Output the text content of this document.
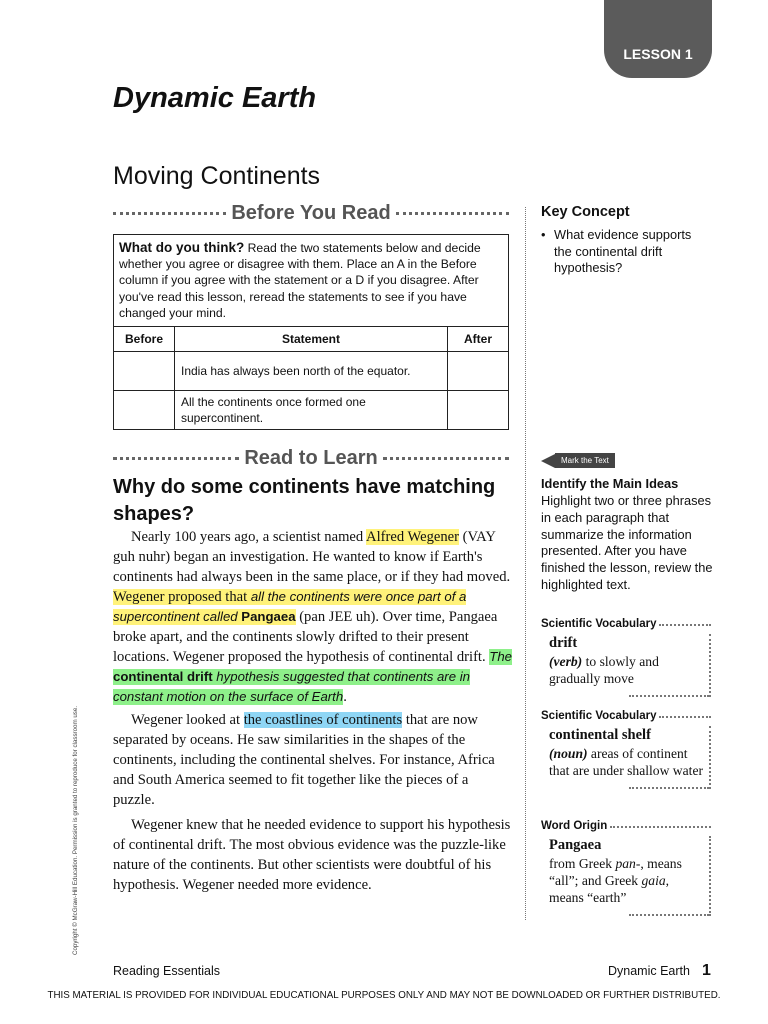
LESSON 1
Dynamic Earth
Moving Continents
Before You Read
What do you think? Read the two statements below and decide whether you agree or disagree with them. Place an A in the Before column if you agree with the statement or a D if you disagree. After you've read this lesson, reread the statements to see if you have changed your mind.
Before	Statement	After
	India has always been north of the equator.	
	All the continents once formed one supercontinent.	
Read to Learn
Why do some continents have matching shapes?

Nearly 100 years ago, a scientist named Alfred Wegener (VAY guh nuhr) began an investigation. He wanted to know if Earth's continents had always been in the same place, or if they had moved. Wegener proposed that all the continents were once part of a supercontinent called Pangaea (pan JEE uh). Over time, Pangaea broke apart, and the continents slowly drifted to their present locations. Wegener proposed the hypothesis of continental drift. The continental drift hypothesis suggested that continents are in constant motion on the surface of Earth.

Wegener looked at the coastlines of continents that are now separated by oceans. He saw similarities in the shapes of the continents, including the continental shelves. For instance, Africa and South America seemed to fit together like the pieces of a puzzle.

Wegener knew that he needed evidence to support his hypothesis of continental drift. The most obvious evidence was the puzzle-like nature of the continents. But other scientists were doubtful of his hypothesis. Wegener needed more evidence.

Key Concept
• What evidence supports the continental drift hypothesis?
Mark the Text
Identify the Main Ideas

Highlight two or three phrases in each paragraph that summarize the information presented. After you have finished the lesson, review the highlighted text.

Scientific Vocabulary
drift
(verb) to slowly and gradually move
Scientific Vocabulary
continental shelf
(noun) areas of continent that are under shallow water
Word Origin
Pangaea
from Greek pan-, means “all”; and Greek gaia, means “earth”
Copyright © McGraw-Hill Education. Permission is granted to reproduce for classroom use.
Reading Essentials	Dynamic Earth 1
THIS MATERIAL IS PROVIDED FOR INDIVIDUAL EDUCATIONAL PURPOSES ONLY AND MAY NOT BE DOWNLOADED OR FURTHER DISTRIBUTED.
